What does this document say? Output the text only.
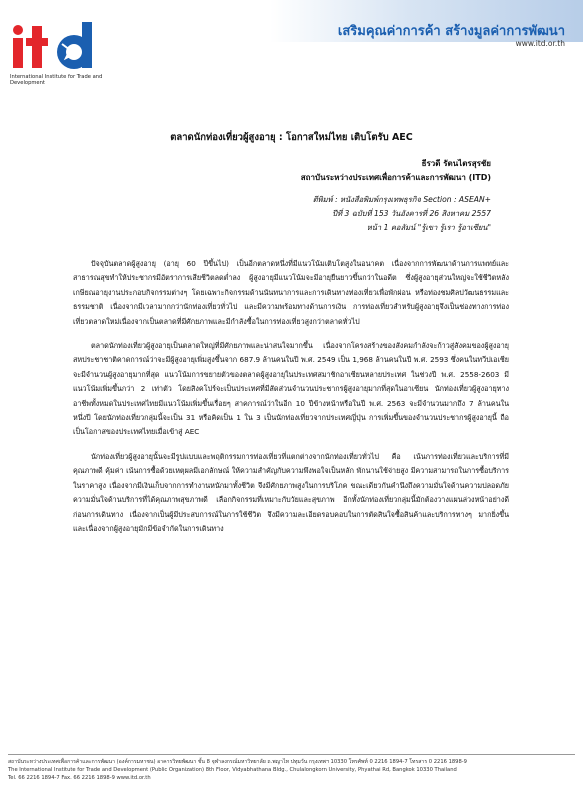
International Institute for Trade and Development
เสริมคุณค่าการค้า สร้างมูลค่าการพัฒนา
www.itd.or.th
ตลาดนักท่องเที่ยวผู้สูงอายุ : โอกาสใหม่ไทย เติบโตรับ AEC
ธีรวดี รัตนไตรสุรชัย
สถาบันระหว่างประเทศเพื่อการค้าและการพัฒนา (ITD)
ตีพิมพ์ : หนังสือพิมพ์กรุงเทพธุรกิจ Section : ASEAN+
ปีที่ 3 ฉบับที่ 153 วันอังคารที่ 26 สิงหาคม 2557
หน้า 1 คอลัมน์ "รู้เขา รู้เรา รู้อาเซียน"

ปัจจุบันตลาดผู้สูงอายุ (อายุ 60 ปีขึ้นไป) เป็นอีกตลาดหนึ่งที่มีแนวโน้มเติบโตสูงในอนาคต เนื่องจากการพัฒนาด้านการแพทย์และสาธารณสุขทำให้ประชากรมีอัตราการเสียชีวิตลดต่ำลง ผู้สูงอายุมีแนวโน้มจะมีอายุยืนยาวขึ้นกว่าในอดีต ซึ่งผู้สูงอายุส่วนใหญ่จะใช้ชีวิตหลังเกษียณอายุงานประกอบกิจกรรมต่างๆ โดยเฉพาะกิจกรรมด้านนันทนาการและการเดินทางท่องเที่ยวเพื่อพักผ่อน หรือท่องชมศิลปวัฒนธรรมและธรรมชาติ เนื่องจากมีเวลามากกว่านักท่องเที่ยวทั่วไป และมีความพร้อมทางด้านการเงิน การท่องเที่ยวสำหรับผู้สูงอายุจึงเป็นช่องทางการท่องเที่ยวตลาดใหม่เนื่องจากเป็นตลาดที่มีศักยภาพและมีกำลังซื้อในการท่องเที่ยวสูงกว่าตลาดทั่วไป

ตลาดนักท่องเที่ยวผู้สูงอายุเป็นตลาดใหญ่ที่มีศักยภาพและน่าสนใจมากขึ้น เนื่องจากโครงสร้างของสังคมกำลังจะก้าวสู่สังคมของผู้สูงอายุ สหประชาชาติคาดการณ์ว่าจะมีผู้สูงอายุเพิ่มสูงขึ้นจาก 687.9 ล้านคนในปี พ.ศ. 2549 เป็น 1,968 ล้านคนในปี พ.ศ. 2593 ซึ่งคนในทวีปเอเชียจะมีจำนวนผู้สูงอายุมากที่สุด แนวโน้มการขยายตัวของตลาดผู้สูงอายุในประเทศสมาชิกอาเซียนหลายประเทศ ในช่วงปี พ.ศ. 2558-2603 มีแนวโน้มเพิ่มขึ้นกว่า 2 เท่าตัว โดยสิงคโปร์จะเป็นประเทศที่มีสัดส่วนจำนวนประชากรผู้สูงอายุมากที่สุดในอาเซียน นักท่องเที่ยวผู้สูงอายุทางอาชีพทั้งหมดในประเทศไทยมีแนวโน้มเพิ่มขึ้นเรื่อยๆ สาคการณ์ว่าในอีก 10 ปีข้างหน้าหรือในปี พ.ศ. 2563 จะมีจำนวนมากถึง 7 ล้านคนในหนึ่งปี โดยนักท่องเที่ยวกลุ่มนี้จะเป็น 31 หรือคิดเป็น 1 ใน 3 เป็นนักท่องเที่ยวจากประเทศญี่ปุ่น การเพิ่มขึ้นของจำนวนประชากรผู้สูงอายุนี้ ถือเป็นโอกาสของประเทศไทยเมื่อเข้าสู่ AEC

นักท่องเที่ยวผู้สูงอายุนั้นจะมีรูปแบบและพฤติกรรมการท่องเที่ยวที่แตกต่างจากนักท่องเที่ยวทั่วไป คือ เน้นการท่องเที่ยวและบริการที่มีคุณภาพดี คุ้มค่า เน้นการซื้อด้วยเหตุผลมีเอกลักษณ์ ให้ความสำคัญกับความพึงพอใจเป็นหลัก พักนานใช้จ่ายสูง มีความสามารถในการซื้อบริการในราคาสูง เนื่องจากมีเงินเก็บจากการทำงานหนักมาทั้งชีวิต จึงมีศักยภาพสูงในการบริโภค ขณะเดียวกันคำนึงถึงความมั่นใจด้านความปลอดภัย ความมั่นใจด้านบริการที่ได้คุณภาพสุขภาพดี เลือกกิจกรรมที่เหมาะกับวัยและสุขภาพ อีกทั้งนักท่องเที่ยวกลุ่มนี้มักต้องวางแผนล่วงหน้าอย่างดีก่อนการเดินทาง เนื่องจากเป็นผู้มีประสบการณ์ในการใช้ชีวิต จึงมีความละเอียดรอบคอบในการตัดสินใจซื้อสินค้าและบริการทางๆ มากยิ่งขึ้น และเนื่องจากผู้สูงอายุมักมีข้อจำกัดในการเดินทาง

สถาบันระหว่างประเทศเพื่อการค้าและการพัฒนา (องค์การมหาชน) อาคารวิทยพัฒนา ชั้น 8 จุฬาลงกรณ์มหาวิทยาลัย ถ.พญาไท ปทุมวัน กรุงเทพฯ 10330 โทรศัพท์ 0 2216 1894-7 โทรสาร 0 2216 1898-9
The International Institute for Trade and Development (Public Organization) 8th Floor, Vidyabhathana Bldg., Chulalongkorn University, Phyathai Rd, Bangkok 10330 Thailand
Tel. 66 2216 1894-7 Fax. 66 2216 1898-9 www.itd.or.th
